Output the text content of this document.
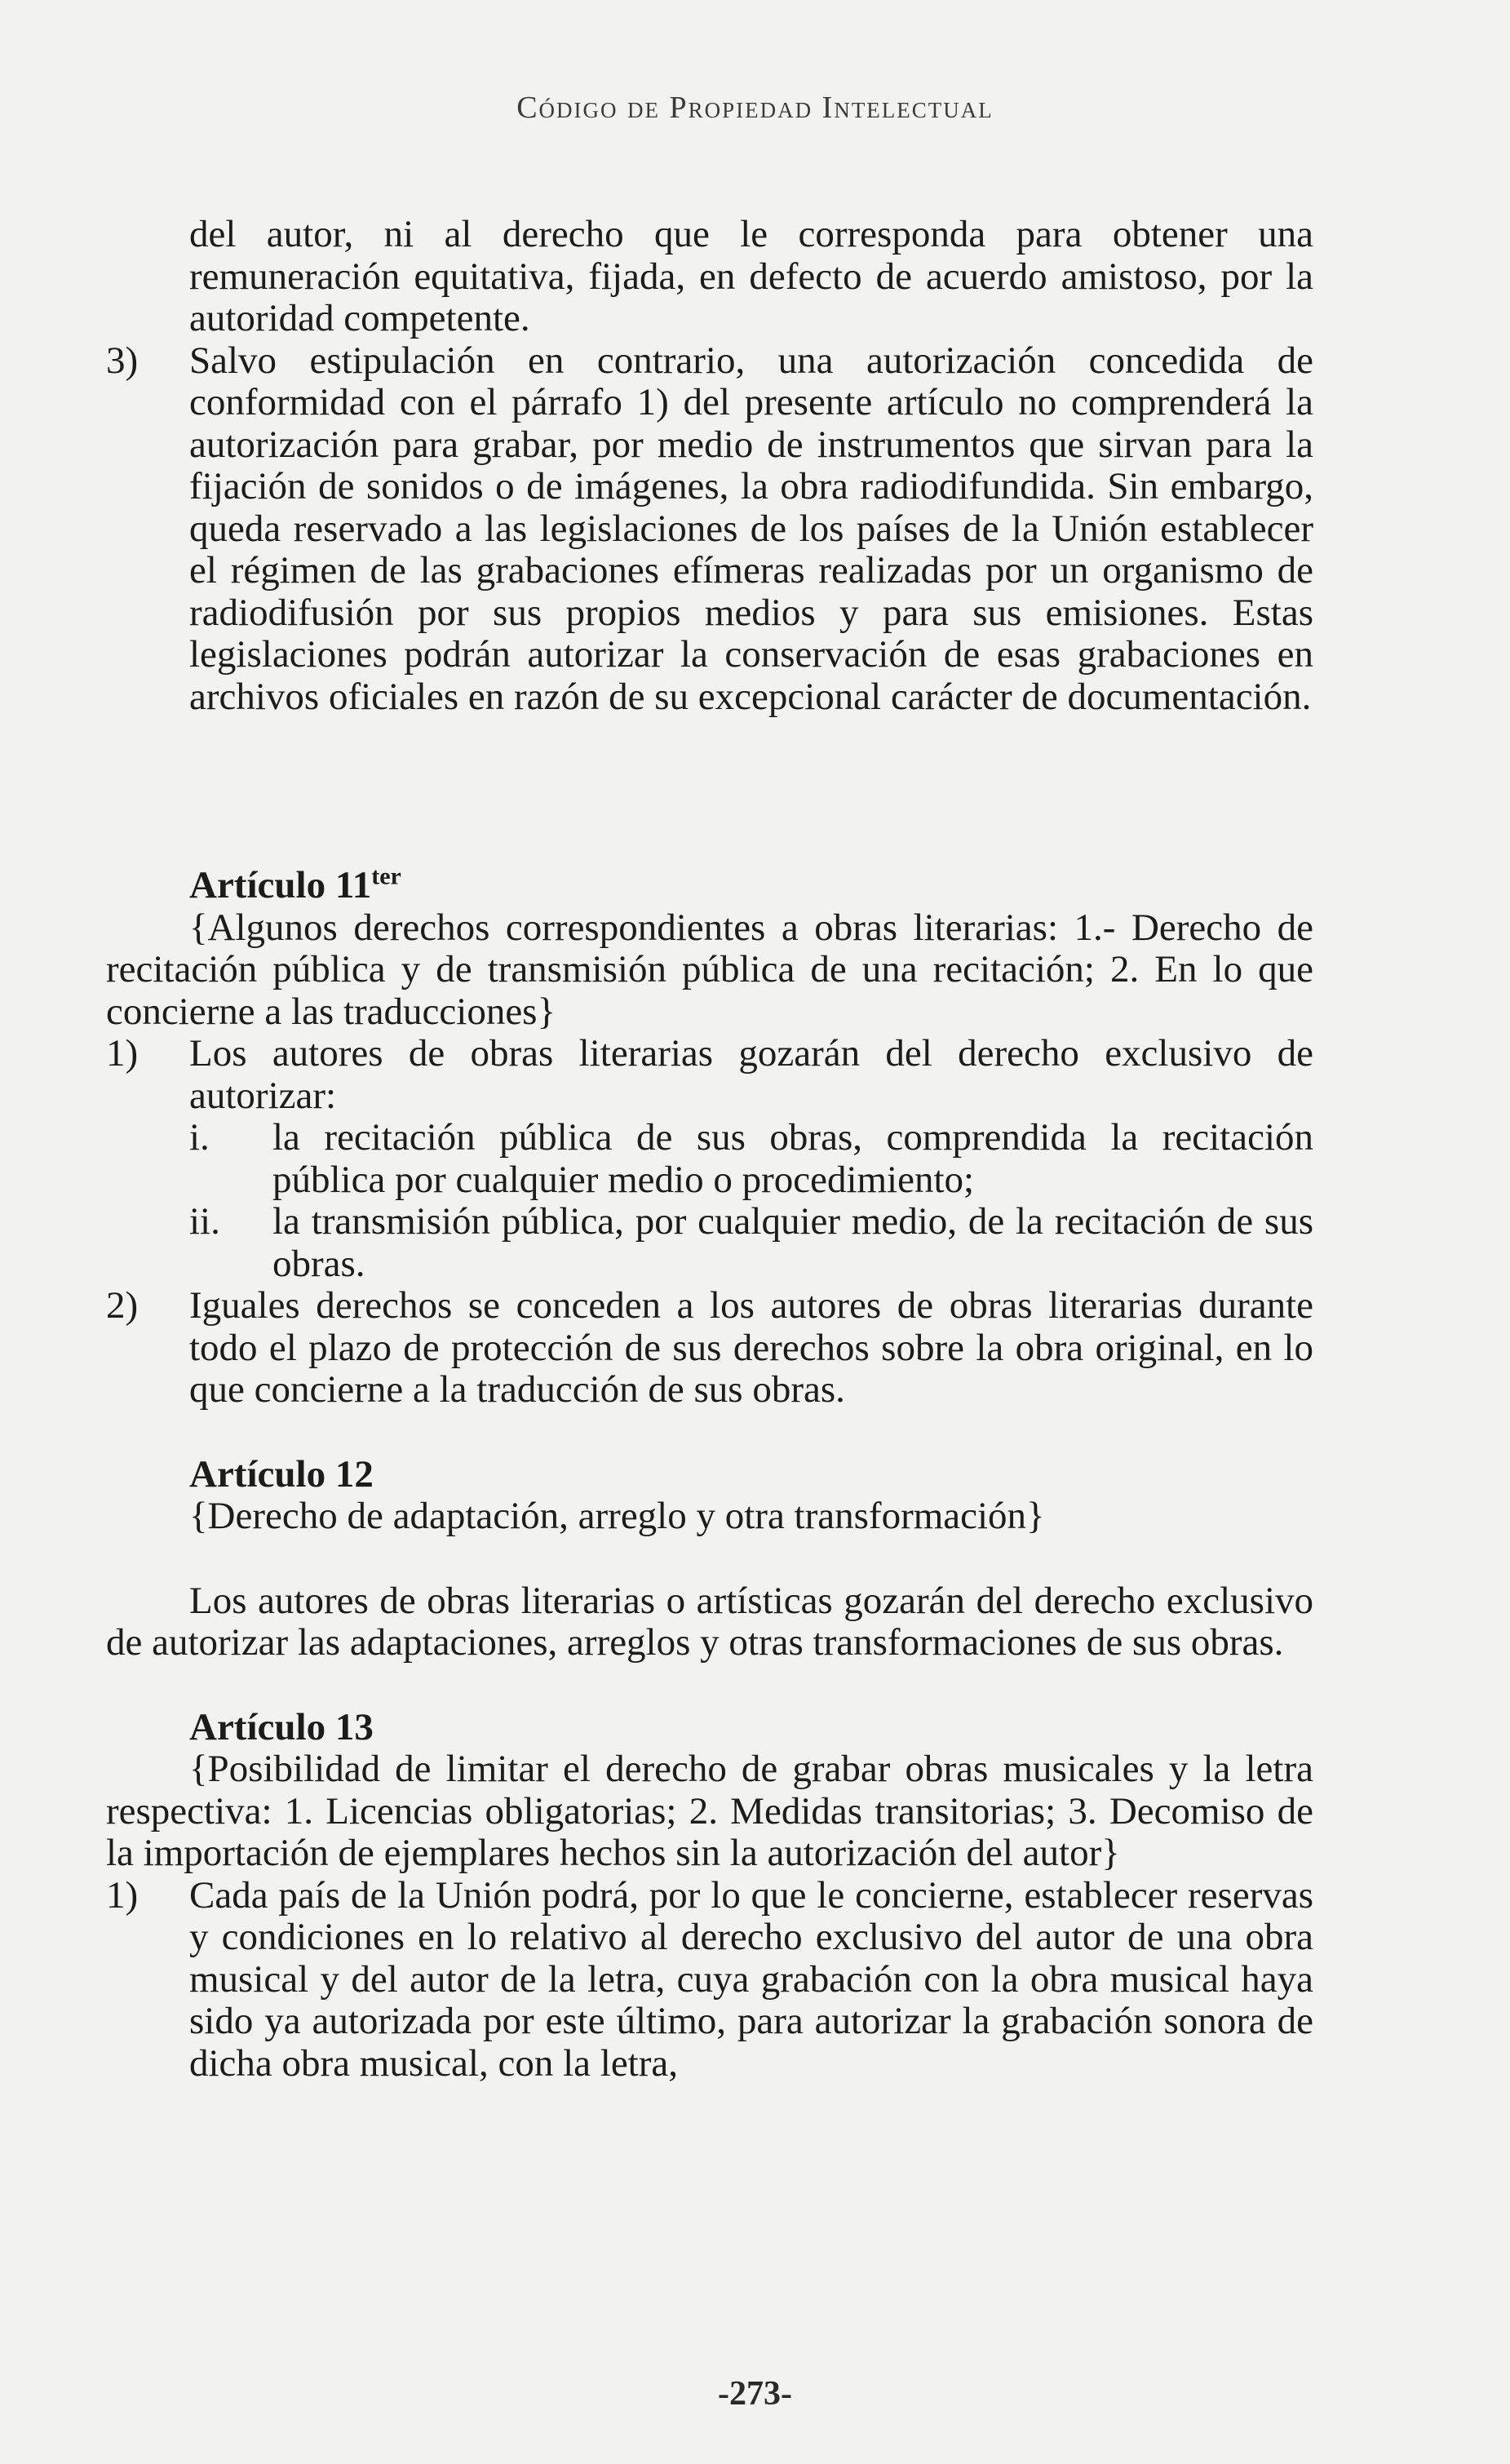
Código de Propiedad Intelectual

del autor, ni al derecho que le corresponda para obtener una remuneración equitativa, fijada, en defecto de acuerdo amistoso, por la autoridad competente.

3) Salvo estipulación en contrario, una autorización concedida de conformidad con el párrafo 1) del presente artículo no comprenderá la autorización para grabar, por medio de instrumentos que sirvan para la fijación de sonidos o de imágenes, la obra radiodifundida. Sin embargo, queda reservado a las legislaciones de los países de la Unión establecer el régimen de las grabaciones efímeras realizadas por un organismo de radiodifusión por sus propios medios y para sus emisiones. Estas legislaciones podrán autorizar la conservación de esas grabaciones en archivos oficiales en razón de su excepcional carácter de documentación.

Artículo $11^{ter}$

{Algunos derechos correspondientes a obras literarias: 1.- Derecho de recitación pública y de transmisión pública de una recitación; 2. En lo que concierne a las traducciones}

1) Los autores de obras literarias gozarán del derecho exclusivo de autorizar:

i. la recitación pública de sus obras, comprendida la recitación pública por cualquier medio o procedimiento;

ii. la transmisión pública, por cualquier medio, de la recitación de sus obras.

2) Iguales derechos se conceden a los autores de obras literarias durante todo el plazo de protección de sus derechos sobre la obra original, en lo que concierne a la traducción de sus obras.

Artículo 12

{Derecho de adaptación, arreglo y otra transformación}

Los autores de obras literarias o artísticas gozarán del derecho exclusivo de autorizar las adaptaciones, arreglos y otras transformaciones de sus obras.

Artículo 13

{Posibilidad de limitar el derecho de grabar obras musicales y la letra respectiva: 1. Licencias obligatorias; 2. Medidas transitorias; 3. Decomiso de la importación de ejemplares hechos sin la autorización del autor}

1) Cada país de la Unión podrá, por lo que le concierne, establecer reservas y condiciones en lo relativo al derecho exclusivo del autor de una obra musical y del autor de la letra, cuya grabación con la obra musical haya sido ya autorizada por este último, para autorizar la grabación sonora de dicha obra musical, con la letra,

-273-
